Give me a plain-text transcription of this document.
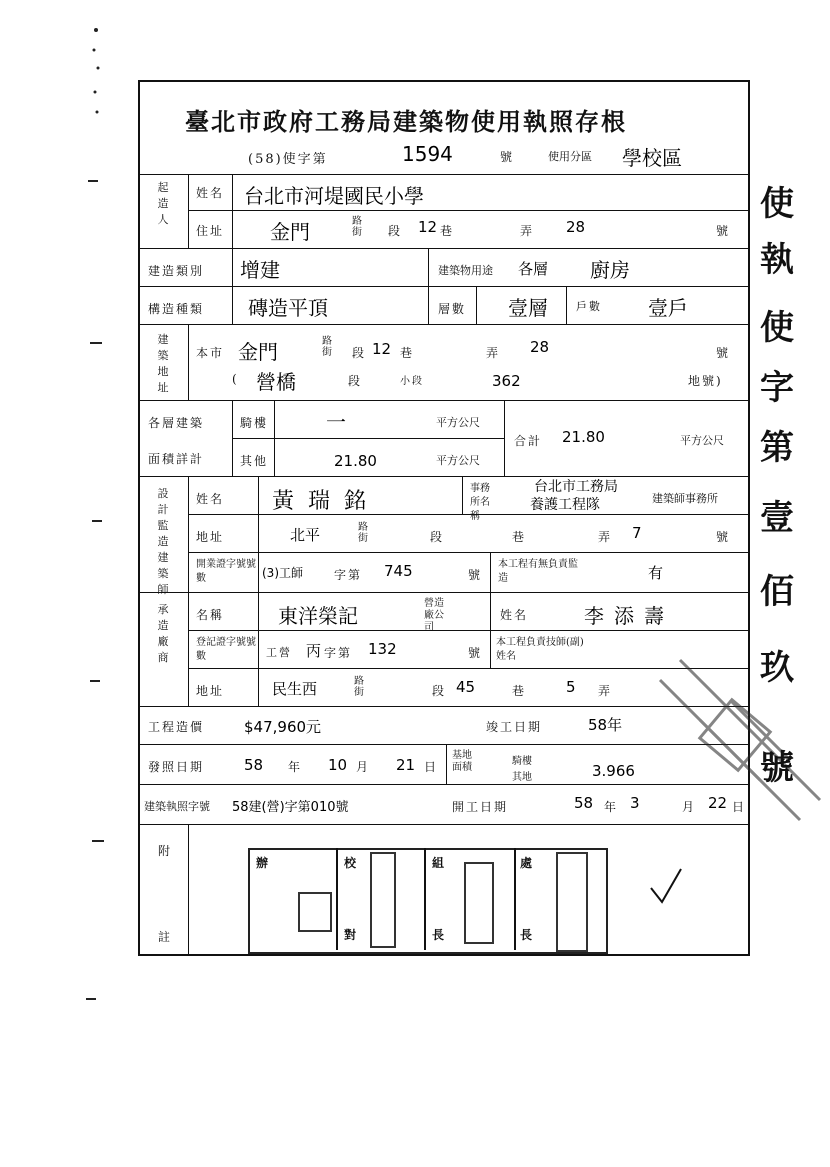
臺北市政府工務局建築物使用執照存根
(58)使字第	1594	號	使用分區 學校區
起造人
姓名 台北市河堤國民小學
住址 金門	路街 段 12 巷	弄 28	號
建造類別 增建	建築物用途 各層 廚房
構造種類 磚造平頂	層數 壹層	戶數 壹戶
建築地址
本市 金門	路街 段 12 巷	弄 28	號
( 營橋	段	小段	362	地號)
各層建築
面積詳計
騎樓	一	平方公尺
其他	21.80	平方公尺
合計 21.80	平方公尺
設計監造建築師
姓名 黃瑞銘
事務所名稱
台北市工務局
養護工程隊	建築師事務所
地址	北平	路街	段	巷	弄 7	號
開業證字號號數	(3)工師	字第 745	號
本工程有無負責監造	有
承造廠商
名稱	東洋榮記
營造廠公司
姓名	李添壽
登記證字號號數	工營 丙 字第 132	號
本工程負責技師(副)姓名
地址	民生西	路街	段 45	巷	5 弄
工程造價	$47,960元	竣工日期	58年
發照日期	58 年 10 月 21 日
基地面積
騎樓
其地	3.966
建築執照字號 58建(營)字第010號	開工日期	58 年 3	月 22 日
附
註
辦	校
對
組
長
處
長
使
執
使
字
第
壹
佰
玖
號
